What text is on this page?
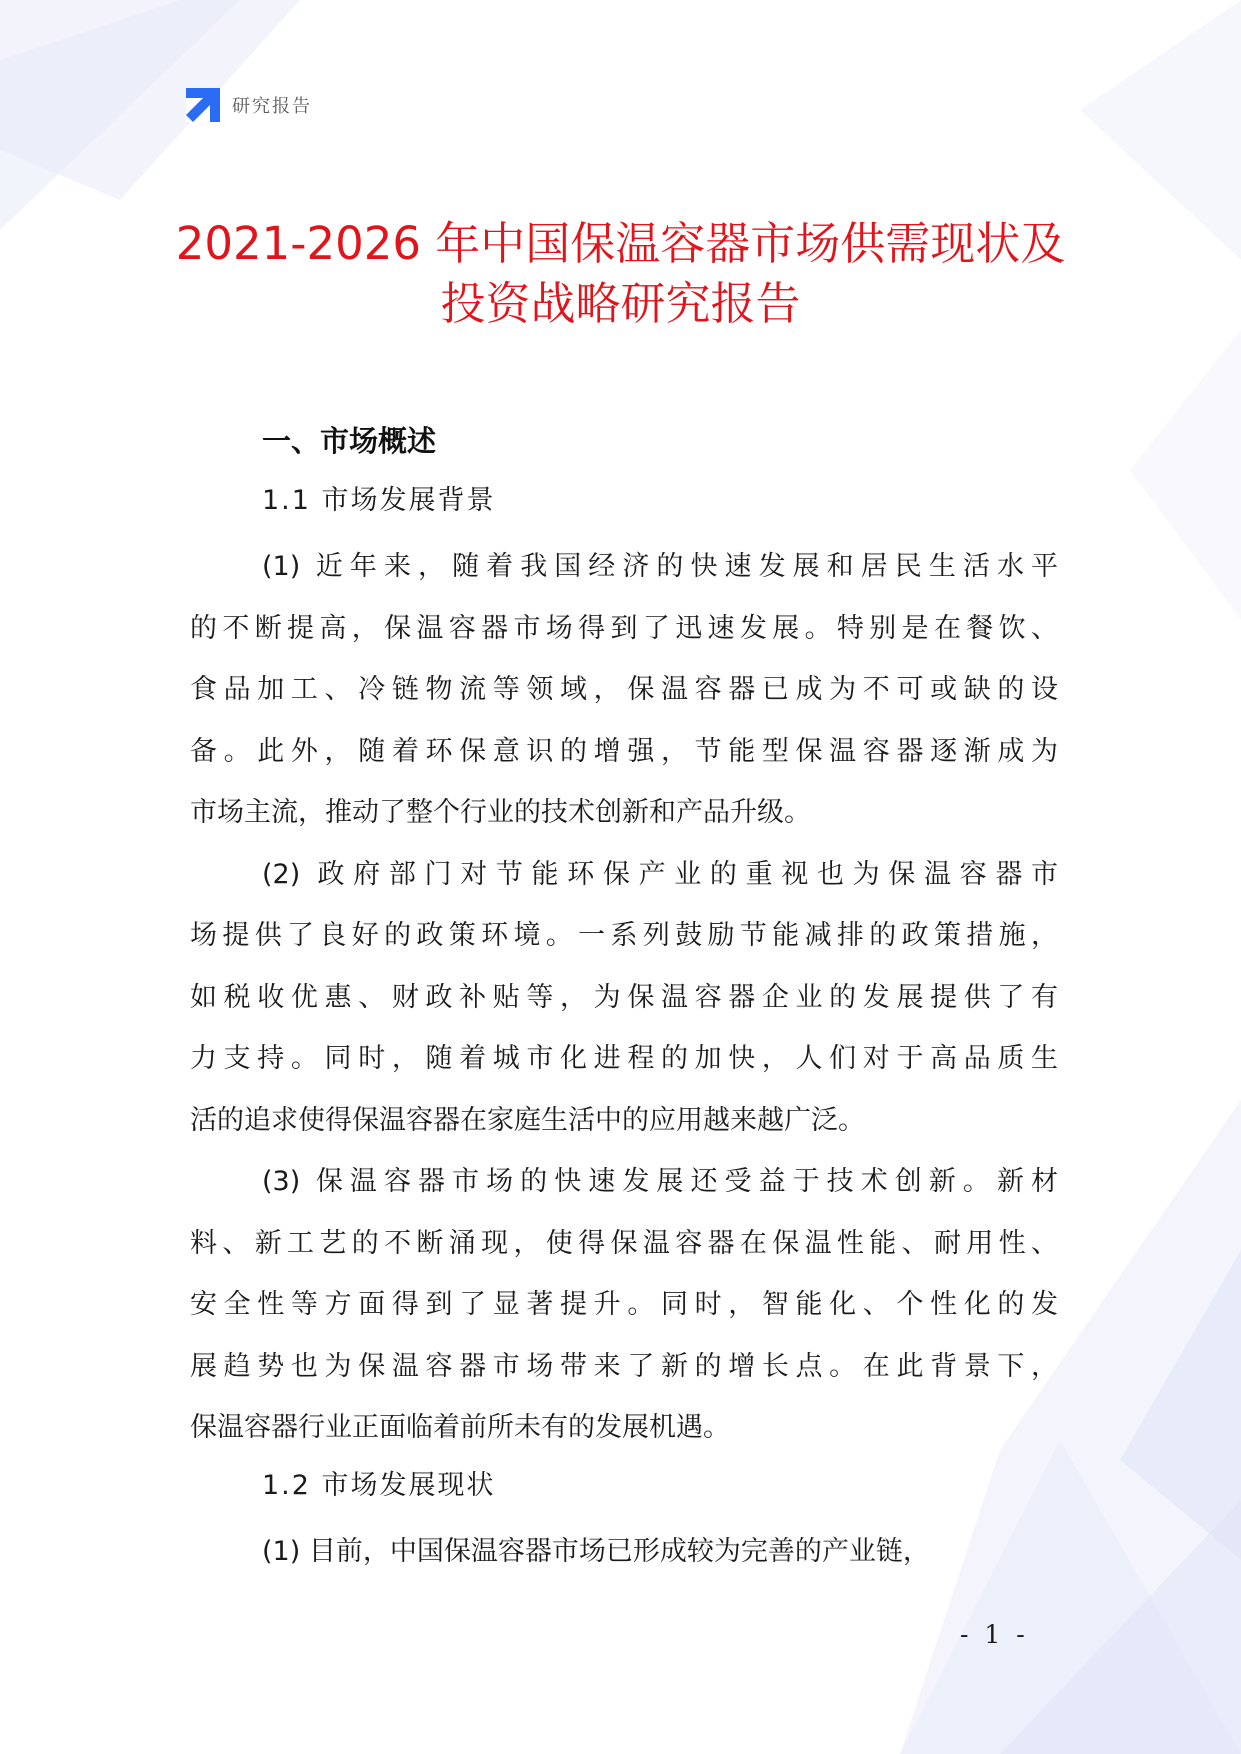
研究报告
2021-2026 年中国保温容器市场供需现状及
投资战略研究报告
一、市场概述
1.1 市场发展背景
(1) 近年来，随着我国经济的快速发展和居民生活水平
的不断提高，保温容器市场得到了迅速发展。特别是在餐饮、
食品加工、冷链物流等领域，保温容器已成为不可或缺的设
备。此外，随着环保意识的增强，节能型保温容器逐渐成为
市场主流，推动了整个行业的技术创新和产品升级。
(2) 政府部门对节能环保产业的重视也为保温容器市
场提供了良好的政策环境。一系列鼓励节能减排的政策措施，
如税收优惠、财政补贴等，为保温容器企业的发展提供了有
力支持。同时，随着城市化进程的加快，人们对于高品质生
活的追求使得保温容器在家庭生活中的应用越来越广泛。
(3) 保温容器市场的快速发展还受益于技术创新。新材
料、新工艺的不断涌现，使得保温容器在保温性能、耐用性、
安全性等方面得到了显著提升。同时，智能化、个性化的发
展趋势也为保温容器市场带来了新的增长点。在此背景下，
保温容器行业正面临着前所未有的发展机遇。
1.2 市场发展现状
(1) 目前，中国保温容器市场已形成较为完善的产业链，
- 1 -
